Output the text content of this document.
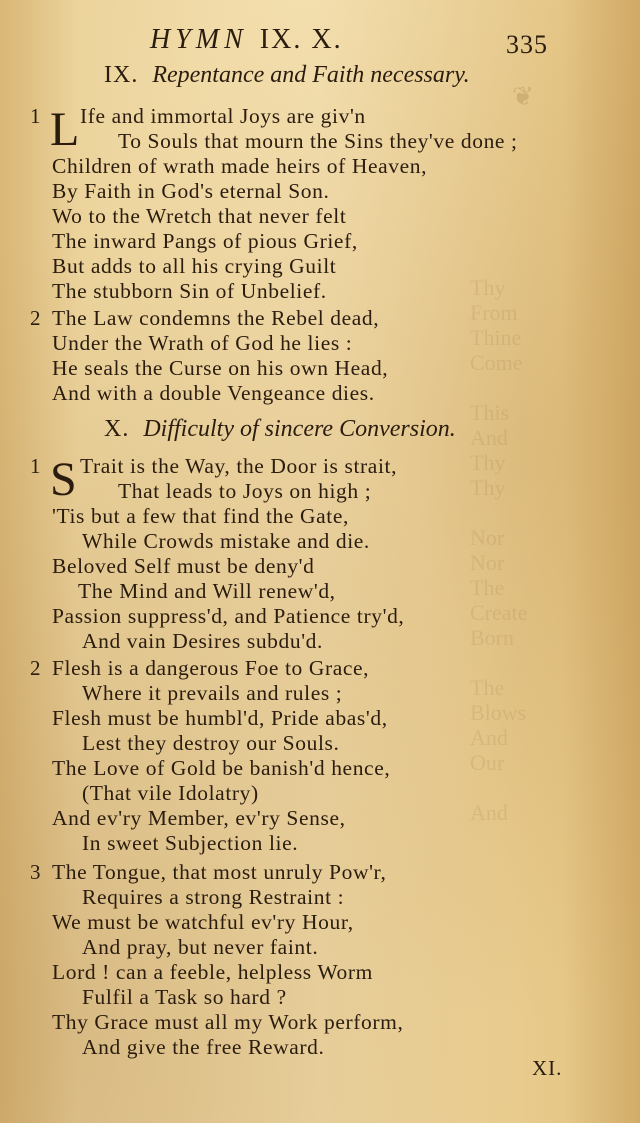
Thy
From
Thine
Come

This
And
Thy
Thy

Nor
Nor
The
Create
Born

The
Blows
And
Our

And
❦
HYMN IX. X.	335
IX. Repentance and Faith necessary.
1 L Ife and immortal Joys are giv'n
To Souls that mourn the Sins they've done ;
Children of wrath made heirs of Heaven,
By Faith in God's eternal Son.
Wo to the Wretch that never felt
The inward Pangs of pious Grief,
But adds to all his crying Guilt
The stubborn Sin of Unbelief.
2 The Law condemns the Rebel dead,
Under the Wrath of God he lies :
He seals the Curse on his own Head,
And with a double Vengeance dies.
X. Difficulty of sincere Conversion.
1 S Trait is the Way, the Door is strait,
That leads to Joys on high ;
'Tis but a few that find the Gate,
While Crowds mistake and die.
Beloved Self must be deny'd
The Mind and Will renew'd,
Passion suppress'd, and Patience try'd,
And vain Desires subdu'd.
2 Flesh is a dangerous Foe to Grace,
Where it prevails and rules ;
Flesh must be humbl'd, Pride abas'd,
Lest they destroy our Souls.
The Love of Gold be banish'd hence,
(That vile Idolatry)
And ev'ry Member, ev'ry Sense,
In sweet Subjection lie.
3 The Tongue, that most unruly Pow'r,
Requires a strong Restraint :
We must be watchful ev'ry Hour,
And pray, but never faint.
Lord ! can a feeble, helpless Worm
Fulfil a Task so hard ?
Thy Grace must all my Work perform,
And give the free Reward.
XI.
